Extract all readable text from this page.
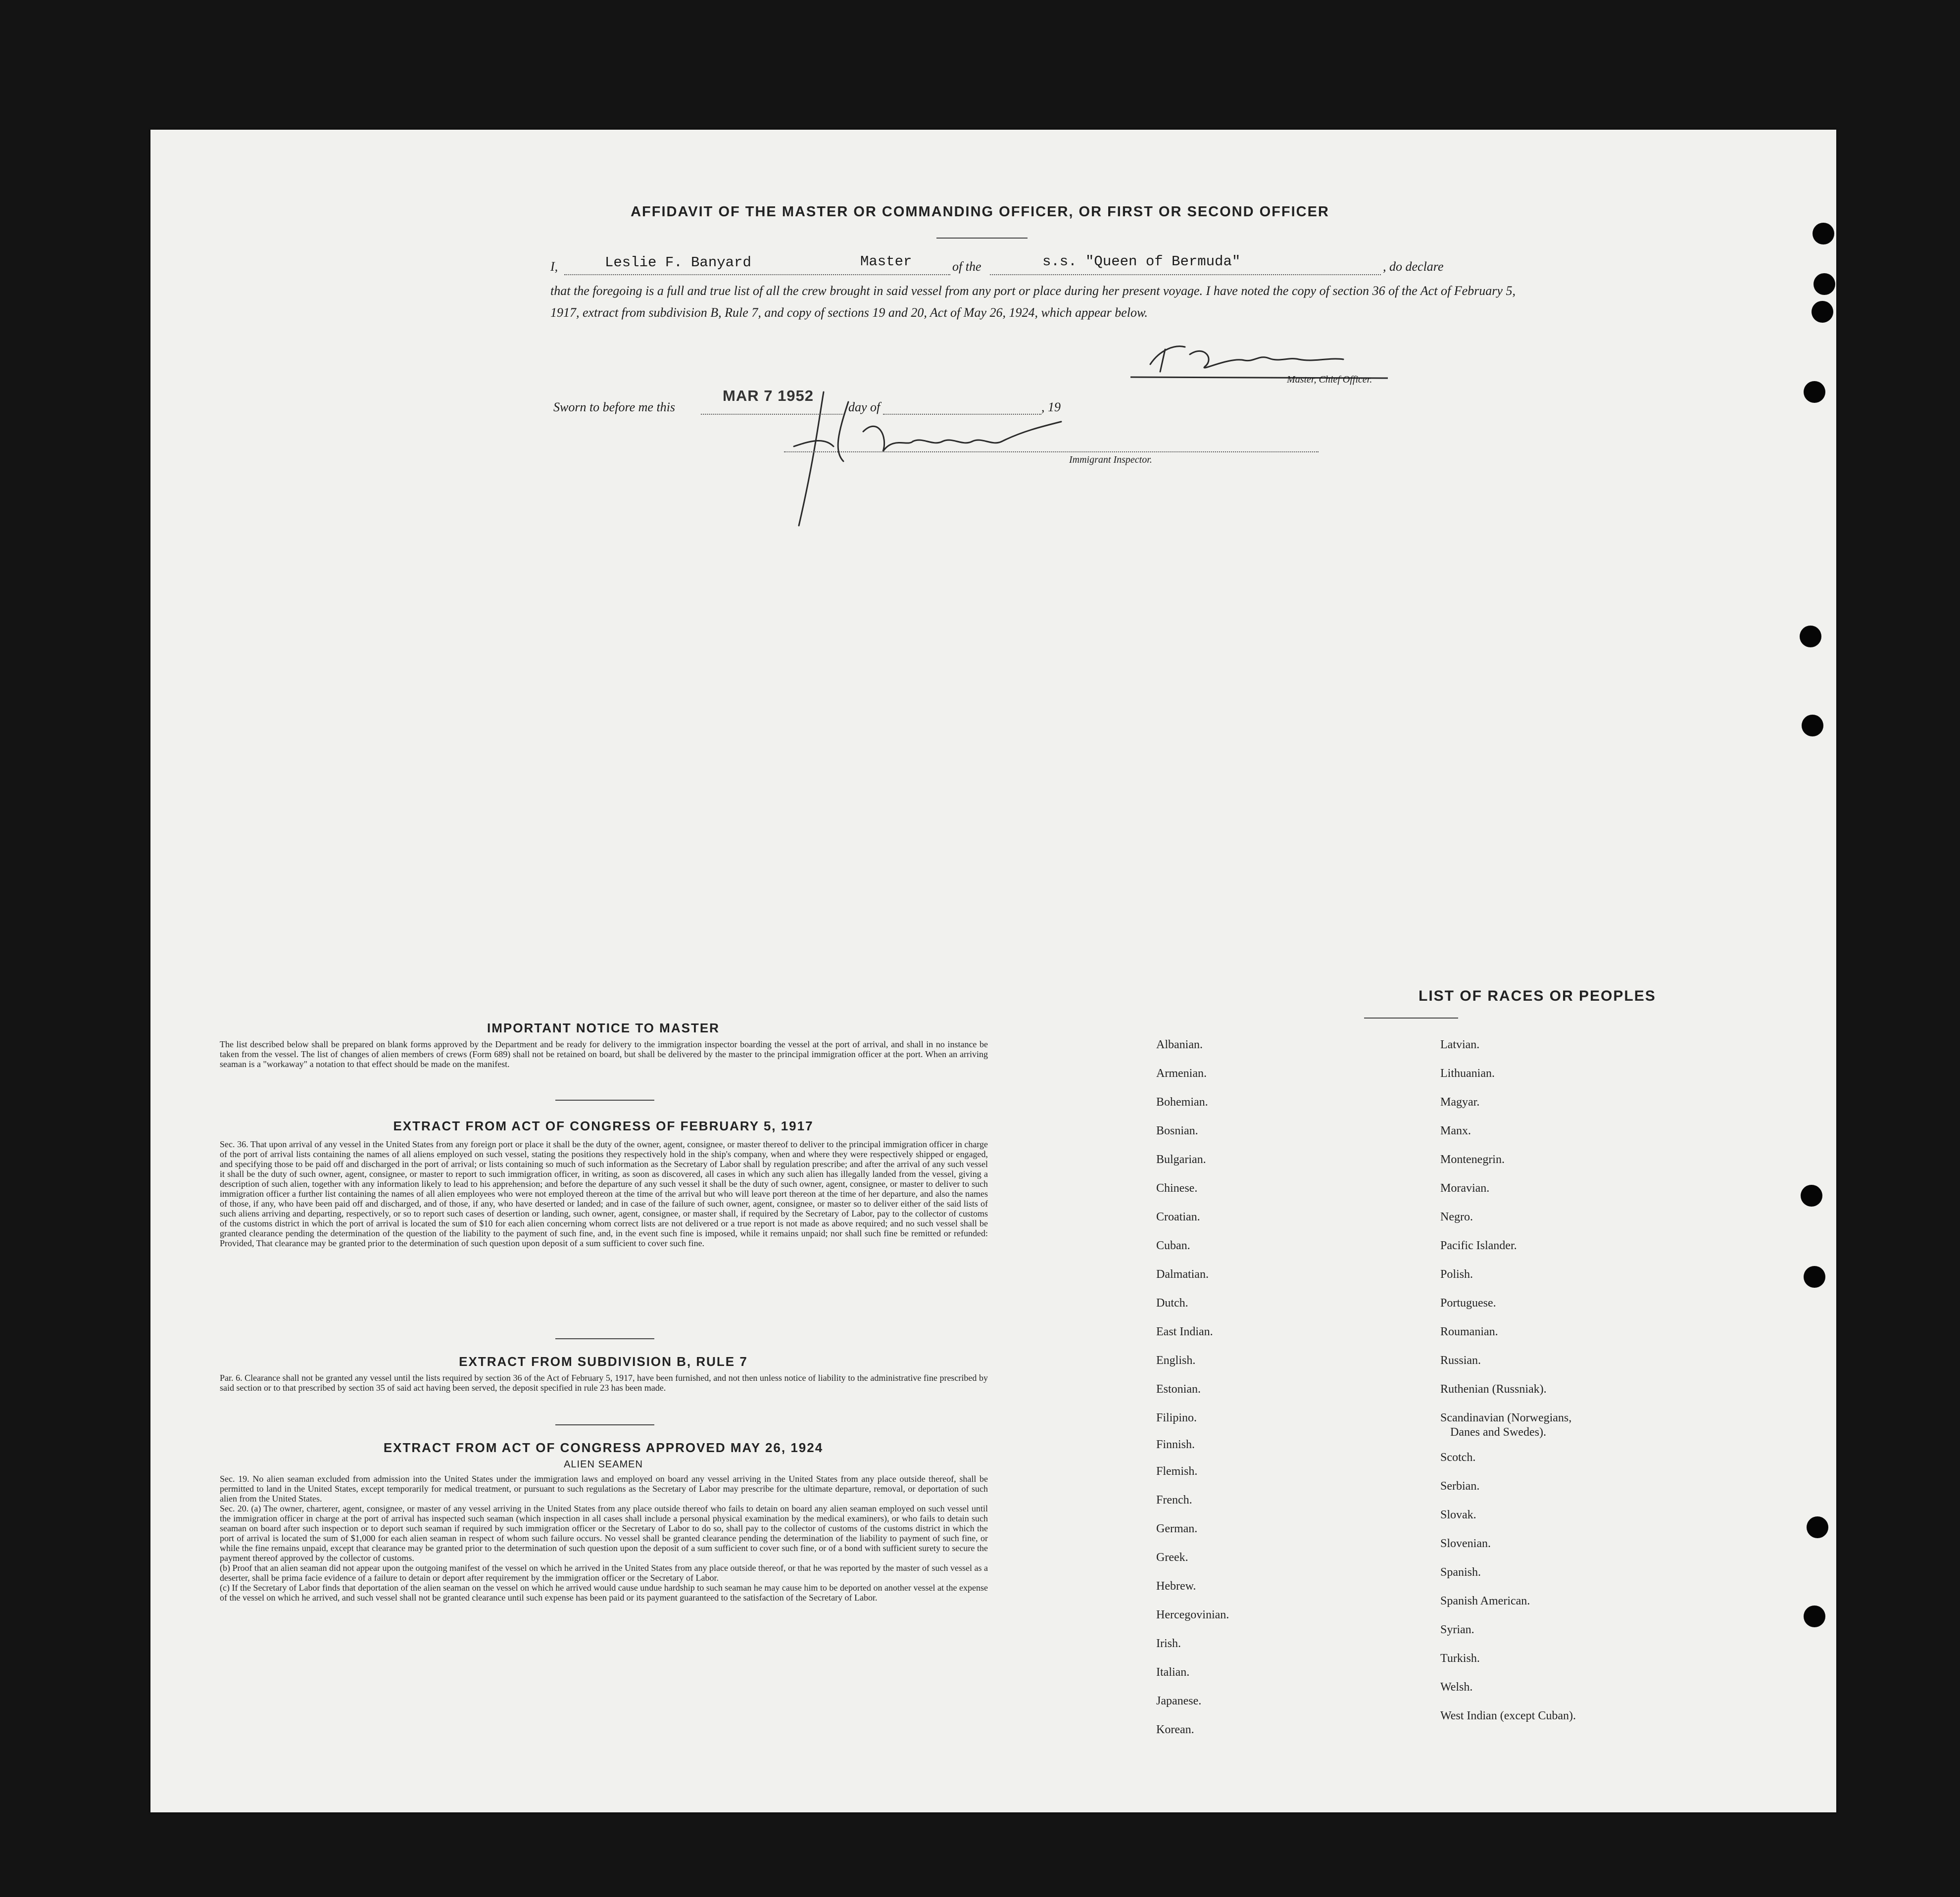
AFFIDAVIT OF THE MASTER OR COMMANDING OFFICER, OR FIRST OR SECOND OFFICER
I,	Leslie F. Banyard	Master	of the	s.s. "Queen of Bermuda"	, do declare
that the foregoing is a full and true list of all the crew brought in said vessel from any port or place during her present voyage. I have noted the copy of section 36 of the Act of February 5, 1917, extract from subdivision B, Rule 7, and copy of sections 19 and 20, Act of May 26, 1924, which appear below.
Master, Chief Officer.
Sworn to before me this
MAR 7 1952
day of	, 19
Immigrant Inspector.
IMPORTANT NOTICE TO MASTER
The list described below shall be prepared on blank forms approved by the Department and be ready for delivery to the immigration inspector boarding the vessel at the port of arrival, and shall in no instance be taken from the vessel. The list of changes of alien members of crews (Form 689) shall not be retained on board, but shall be delivered by the master to the principal immigration officer at the port. When an arriving seaman is a "workaway" a notation to that effect should be made on the manifest.
EXTRACT FROM ACT OF CONGRESS OF FEBRUARY 5, 1917
Sec. 36. That upon arrival of any vessel in the United States from any foreign port or place it shall be the duty of the owner, agent, consignee, or master thereof to deliver to the principal immigration officer in charge of the port of arrival lists containing the names of all aliens employed on such vessel, stating the positions they respectively hold in the ship's company, when and where they were respectively shipped or engaged, and specifying those to be paid off and discharged in the port of arrival; or lists containing so much of such information as the Secretary of Labor shall by regulation prescribe; and after the arrival of any such vessel it shall be the duty of such owner, agent, consignee, or master to report to such immigration officer, in writing, as soon as discovered, all cases in which any such alien has illegally landed from the vessel, giving a description of such alien, together with any information likely to lead to his apprehension; and before the departure of any such vessel it shall be the duty of such owner, agent, consignee, or master to deliver to such immigration officer a further list containing the names of all alien employees who were not employed thereon at the time of the arrival but who will leave port thereon at the time of her departure, and also the names of those, if any, who have been paid off and discharged, and of those, if any, who have deserted or landed; and in case of the failure of such owner, agent, consignee, or master so to deliver either of the said lists of such aliens arriving and departing, respectively, or so to report such cases of desertion or landing, such owner, agent, consignee, or master shall, if required by the Secretary of Labor, pay to the collector of customs of the customs district in which the port of arrival is located the sum of $10 for each alien concerning whom correct lists are not delivered or a true report is not made as above required; and no such vessel shall be granted clearance pending the determination of the question of the liability to the payment of such fine, and, in the event such fine is imposed, while it remains unpaid; nor shall such fine be remitted or refunded: Provided, That clearance may be granted prior to the determination of such question upon deposit of a sum sufficient to cover such fine.
EXTRACT FROM SUBDIVISION B, RULE 7
Par. 6. Clearance shall not be granted any vessel until the lists required by section 36 of the Act of February 5, 1917, have been furnished, and not then unless notice of liability to the administrative fine prescribed by said section or to that prescribed by section 35 of said act having been served, the deposit specified in rule 23 has been made.
EXTRACT FROM ACT OF CONGRESS APPROVED MAY 26, 1924
ALIEN SEAMEN
Sec. 19. No alien seaman excluded from admission into the United States under the immigration laws and employed on board any vessel arriving in the United States from any place outside thereof, shall be permitted to land in the United States, except temporarily for medical treatment, or pursuant to such regulations as the Secretary of Labor may prescribe for the ultimate departure, removal, or deportation of such alien from the United States.
Sec. 20. (a) The owner, charterer, agent, consignee, or master of any vessel arriving in the United States from any place outside thereof who fails to detain on board any alien seaman employed on such vessel until the immigration officer in charge at the port of arrival has inspected such seaman (which inspection in all cases shall include a personal physical examination by the medical examiners), or who fails to detain such seaman on board after such inspection or to deport such seaman if required by such immigration officer or the Secretary of Labor to do so, shall pay to the collector of customs of the customs district in which the port of arrival is located the sum of $1,000 for each alien seaman in respect of whom such failure occurs. No vessel shall be granted clearance pending the determination of the liability to payment of such fine, or while the fine remains unpaid, except that clearance may be granted prior to the determination of such question upon the deposit of a sum sufficient to cover such fine, or of a bond with sufficient surety to secure the payment thereof approved by the collector of customs.
(b) Proof that an alien seaman did not appear upon the outgoing manifest of the vessel on which he arrived in the United States from any place outside thereof, or that he was reported by the master of such vessel as a deserter, shall be prima facie evidence of a failure to detain or deport after requirement by the immigration officer or the Secretary of Labor.
(c) If the Secretary of Labor finds that deportation of the alien seaman on the vessel on which he arrived would cause undue hardship to such seaman he may cause him to be deported on another vessel at the expense of the vessel on which he arrived, and such vessel shall not be granted clearance until such expense has been paid or its payment guaranteed to the satisfaction of the Secretary of Labor.
LIST OF RACES OR PEOPLES
Albanian.
Armenian.
Bohemian.
Bosnian.
Bulgarian.
Chinese.
Croatian.
Cuban.
Dalmatian.
Dutch.
East Indian.
English.
Estonian.
Filipino.
Finnish.
Flemish.
French.
German.
Greek.
Hebrew.
Hercegovinian.
Irish.
Italian.
Japanese.
Korean.
Latvian.
Lithuanian.
Magyar.
Manx.
Montenegrin.
Moravian.
Negro.
Pacific Islander.
Polish.
Portuguese.
Roumanian.
Russian.
Ruthenian (Russniak).
Scandinavian (Norwegians,
Danes and Swedes).
Scotch.
Serbian.
Slovak.
Slovenian.
Spanish.
Spanish American.
Syrian.
Turkish.
Welsh.
West Indian (except Cuban).
